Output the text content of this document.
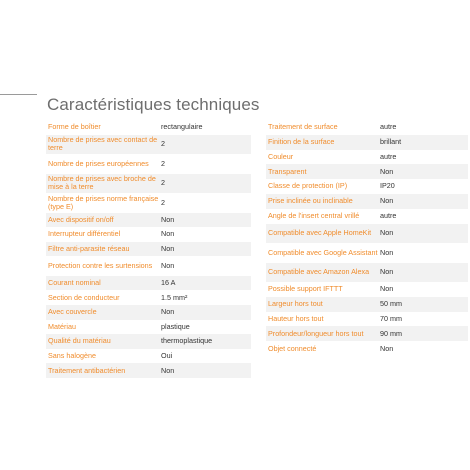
Caractéristiques techniques
Forme de boîtier	rectangulaire
Nombre de prises avec contact de terre	2
Nombre de prises européennes	2
Nombre de prises avec broche de mise à la terre	2
Nombre de prises norme française (type E)	2
Avec dispositif on/off	Non
Interrupteur différentiel	Non
Filtre anti-parasite réseau	Non
Protection contre les surtensions	Non
Courant nominal	16 A
Section de conducteur	1.5 mm²
Avec couvercle	Non
Matériau	plastique
Qualité du matériau	thermoplastique
Sans halogène	Oui
Traitement antibactérien	Non
Traitement de surface	autre
Finition de la surface	brillant
Couleur	autre
Transparent	Non
Classe de protection (IP)	IP20
Prise inclinée ou inclinable	Non
Angle de l'insert central vrillé	autre
Compatible avec Apple HomeKit	Non
Compatible avec Google Assistant Non
Compatible avec Amazon Alexa	Non
Possible support IFTTT	Non
Largeur hors tout	50 mm
Hauteur hors tout	70 mm
Profondeur/longueur hors tout	90 mm
Objet connecté	Non
